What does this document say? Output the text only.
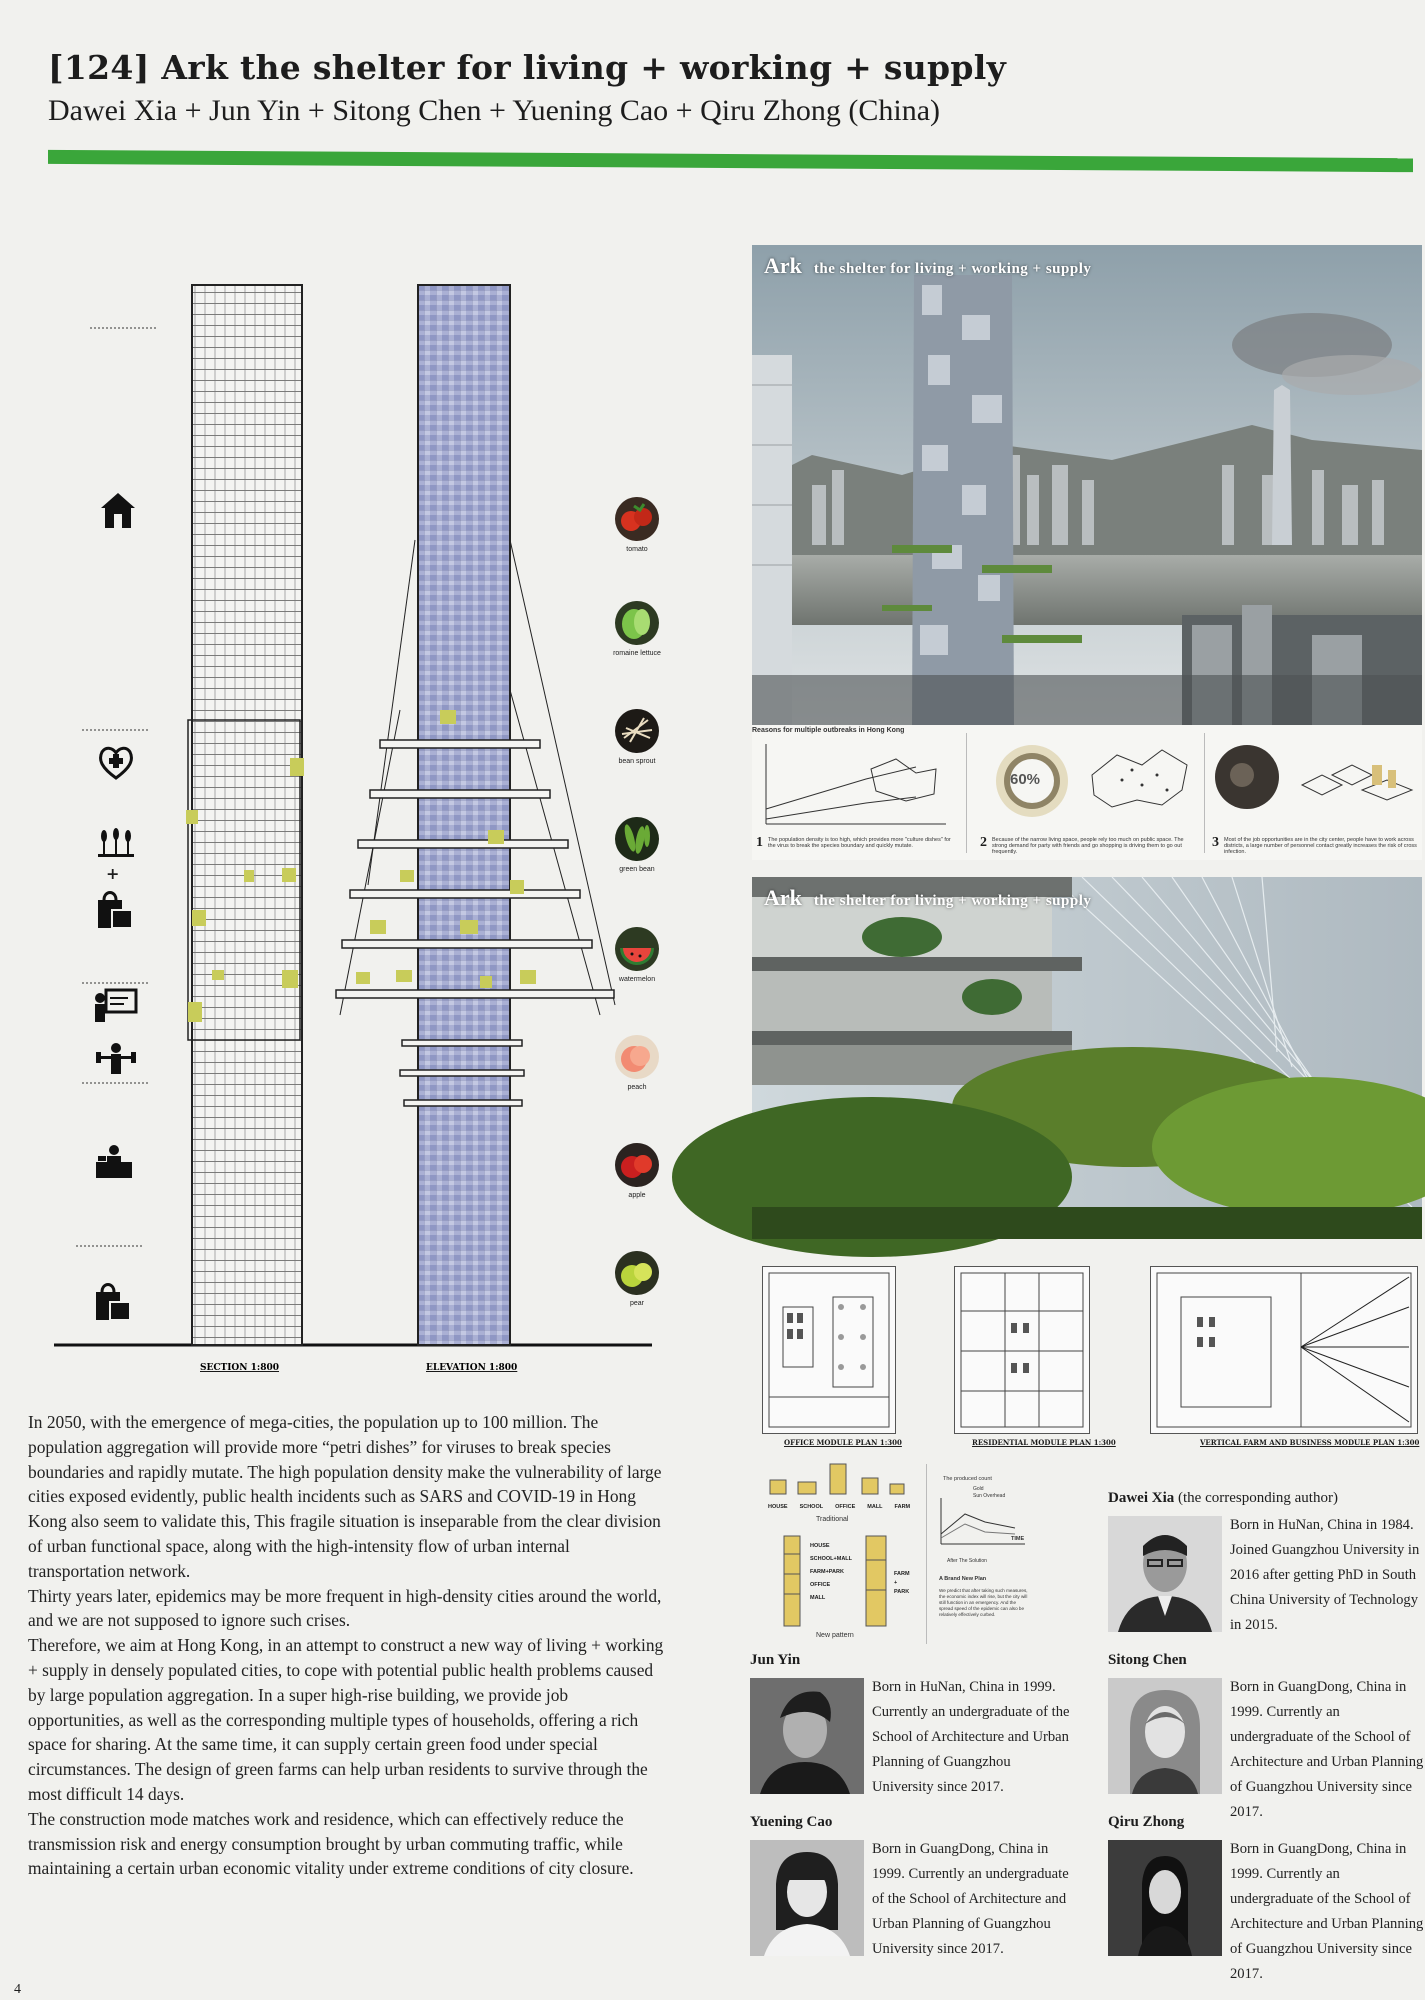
[124] Ark the shelter for living + working + supply
Dawei Xia + Jun Yin + Sitong Chen + Yuening Cao + Qiru Zhong (China)
SECTION 1:800	ELEVATION 1:800
+
tomato
romaine lettuce
bean sprout
green bean
watermelon
peach
apple
pear
Ark the shelter for living + working + supply
Reasons for multiple outbreaks in Hong Kong
1 The population density is too high, which provides more "culture dishes" for the virus to break the species boundary and quickly mutate.
60%
2 Because of the narrow living space, people rely too much on public space. The strong demand for party with friends and go shopping is driving them to go out frequently.
3 Most of the job opportunities are in the city center, people have to work across districts, a large number of personnel contact greatly increases the risk of cross infection.
Ark the shelter for living + working + supply
OFFICE MODULE PLAN 1:300	RESIDENTIAL MODULE PLAN 1:300	VERTICAL FARM AND BUSINESS MODULE PLAN 1:300
HOUSE SCHOOL OFFICE MALL FARM
Traditional
HOUSE
SCHOOL+MALL
FARM+PARK
OFFICE
MALL
FARM
+
PARK
New pattern
The produced count
Gold
Sun Overhead
TIME
After The Solution
A Brand New Plan
We predict that after taking such measures, the economic index will rise, but the city will still function in an emergency. And the spread speed of the epidemic can also be relatively effectively curbed.

In 2050, with the emergence of mega-cities, the population up to 100 million. The population aggregation will provide more “petri dishes” for viruses to break species boundaries and rapidly mutate. The high population density make the vulnerability of large cities exposed evidently, public health incidents such as SARS and COVID-19 in Hong Kong also seem to validate this, This fragile situation is inseparable from the clear division of urban functional space, along with the high-intensity flow of urban internal transportation network.

Thirty years later, epidemics may be more frequent in high-density cities around the world, and we are not supposed to ignore such crises.

Therefore, we aim at Hong Kong, in an attempt to construct a new way of living + working + supply in densely populated cities, to cope with potential public health problems caused by large population aggregation. In a super high-rise building, we provide job opportunities, as well as the corresponding multiple types of households, offering a rich space for sharing. At the same time, it can supply certain green food under special circumstances. The design of green farms can help urban residents to survive through the most difficult 14 days.

The construction mode matches work and residence, which can effectively reduce the transmission risk and energy consumption brought by urban commuting traffic, while maintaining a certain urban economic vitality under extreme conditions of city closure.

Dawei Xia (the corresponding author)
Born in HuNan, China in 1984. Joined Guangzhou University in 2016 after getting PhD in South China University of Technology in 2015.
Jun Yin
Born in HuNan, China in 1999. Currently an undergraduate of the School of Architecture and Urban Planning of Guangzhou University since 2017.
Sitong Chen
Born in GuangDong, China in 1999. Currently an undergraduate of the School of Architecture and Urban Planning of Guangzhou University since 2017.
Yuening Cao
Born in GuangDong, China in 1999. Currently an undergraduate of the School of Architecture and Urban Planning of Guangzhou University since 2017.
Qiru Zhong
Born in GuangDong, China in 1999. Currently an undergraduate of the School of Architecture and Urban Planning of Guangzhou University since 2017.
4
